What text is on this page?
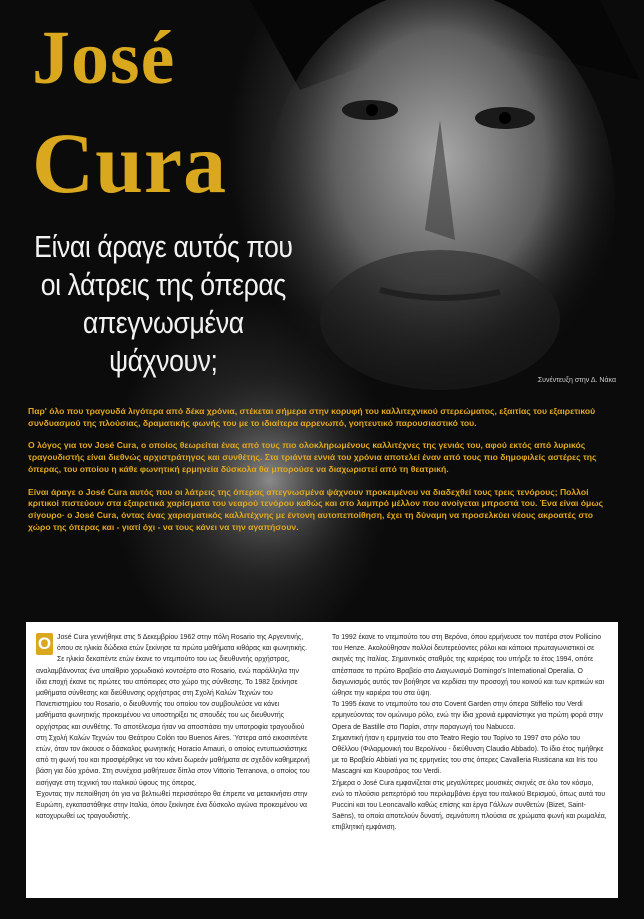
José
Cura
Είναι άραγε αυτός που οι λάτρεις της όπερας απεγνωσμένα ψάχνουν;
Συνέντευξη στην Δ. Νάκα

Παρ' όλο που τραγουδά λιγότερα από δέκα χρόνια, στέκεται σήμερα στην κορυφή του καλλιτεχνικού στερεώματος, εξαιτίας του εξαιρετικού συνδυασμού της πλούσιας, δραματικής φωνής του με το ιδιαίτερα αρρενωπό, γοητευτικό παρουσιαστικό του.

Ο λόγος για τον José Cura, ο οποίος θεωρείται ένας από τους πιο ολοκληρωμένους καλλιτέχνες της γενιάς του, αφού εκτός από λυρικός τραγουδιστής είναι διεθνώς αρχιστράτηγος και συνθέτης. Στα τριάντα εννιά του χρόνια αποτελεί έναν από τους πιο δημοφιλείς αστέρες της όπερας, του οποίου η κάθε φωνητική ερμηνεία δύσκολα θα μπορούσε να διαχωριστεί από τη θεατρική.

Είναι άραγε ο José Cura αυτός που οι λάτρεις της όπερας απεγνωσμένα ψάχνουν προκειμένου να διαδεχθεί τους τρεις τενόρους; Πολλοί κριτικοί πιστεύουν στα εξαιρετικά χαρίσματα του νεαρού τενόρου καθώς και στο λαμπρό μέλλον που ανοίγεται μπροστά του. Ένα είναι όμως σίγουρο· ο José Cura, όντας ένας χαρισματικός καλλιτέχνης με έντονη αυτοπεποίθηση, έχει τη δύναμη να προσελκύει νέους ακροατές στο χώρο της όπερας και - γιατί όχι - να τους κάνει να την αγαπήσουν.

Ο José Cura γεννήθηκε στις 5 Δεκεμβρίου 1962 στην πόλη Rosario της Αργεντινής, όπου σε ηλικία δώδεκα ετών ξεκίνησε τα πρώτα μαθήματα κιθάρας και φωνητικής. Σε ηλικία δεκαπέντε ετών έκανε το ντεμπούτο του ως διευθυντής ορχήστρας, αναλαμβάνοντας ένα υπαίθριο χορωδιακό κοντσέρτο στο Rosario, ενώ παράλληλα την ίδια εποχή έκανε τις πρώτες του απόπειρες στο χώρο της σύνθεσης. Το 1982 ξεκίνησε μαθήματα σύνθεσης και διεύθυνσης ορχήστρας στη Σχολή Καλών Τεχνών του Πανεπιστημίου του Rosario, ο διευθυντής του οποίου τον συμβουλεύσε να κάνει μαθήματα φωνητικής προκειμένου να υποστηρίξει τις σπουδές του ως διευθυντής ορχήστρας και συνθέτης. Το αποτέλεσμα ήταν να αποσπάσει την υποτροφία τραγουδιού στη Σχολή Καλών Τεχνών του Θεάτρου Colón του Buenos Aires. Ύστερα από εικοσιπέντε ετών, όταν τον άκουσε ο δάσκαλος φωνητικής Horacio Amauri, ο οποίος εντυπωσιάστηκε από τη φωνή του και προσφέρθηκε να του κάνει δωρεάν μαθήματα σε σχεδόν καθημερινή βάση για δύο χρόνια. Στη συνέχεια μαθήτευσε δίπλα στον Vittorio Terranova, ο οποίος του εισήγαγε στη τεχνική του ιταλικού ύφους της όπερας.

Έχοντας την πεποίθηση ότι για να βελτιωθεί περισσότερο θα έπρεπε να μετακινήσει στην Ευρώπη, εγκαταστάθηκε στην Ιταλία, όπου ξεκίνησε ένα δύσκολο αγώνα προκειμένου να κατοχυρωθεί ως τραγουδιστής.

Το 1992 έκανε το ντεμπούτο του στη Βερόνα, όπου ερμήνευσε τον πατέρα στον Pollicino του Henze. Ακολούθησαν πολλοί δευτερεύοντες ρόλοι και κάποιοι πρωταγωνιστικοί σε σκηνές της Ιταλίας. Σημαντικός σταθμός της καριέρας του υπήρξε το έτος 1994, οπότε απέσπασε το πρώτο Βραβείο στο Διαγωνισμό Domingo's International Operalia. Ο διαγωνισμός αυτός τον βοήθησε να κερδίσει την προσοχή του κοινού και των κριτικών και ώθησε την καριέρα του στα ύψη.

Το 1995 έκανε το ντεμπούτο του στο Covent Garden στην όπερα Stiffelio του Verdi ερμηνεύοντας τον ομώνυμο ρόλο, ενώ την ίδια χρονιά εμφανίστηκε για πρώτη φορά στην Opera de Bastille στο Παρίσι, στην παραγωγή του Nabucco.

Σημαντική ήταν η ερμηνεία του στο Teatro Regio του Τορίνο το 1997 στο ρόλο του Οθέλλου (Φιλαρμονική του Βερολίνου - διεύθυνση Claudio Abbado). Το ίδιο έτος τιμήθηκε με το Βραβείο Abbiati για τις ερμηνείες του στις όπερες Cavalleria Rusticana και Iris του Mascagni και Κουρσάρος του Verdi.

Σήμερα ο José Cura εμφανίζεται στις μεγαλύτερες μουσικές σκηνές σε όλο τον κόσμο, ενώ το πλούσιο ρεπερτόριό του περιλαμβάνει έργα του ιταλικού Βερισμού, όπως αυτά του Puccini και του Leoncavallo καθώς επίσης και έργα Γάλλων συνθετών (Bizet, Saint-Saëns), τα οποία αποτελούν δυνατή, σεμνότυπη πλούσια σε χρώματα φωνή και ρωμαλέα, επιβλητική εμφάνιση.
